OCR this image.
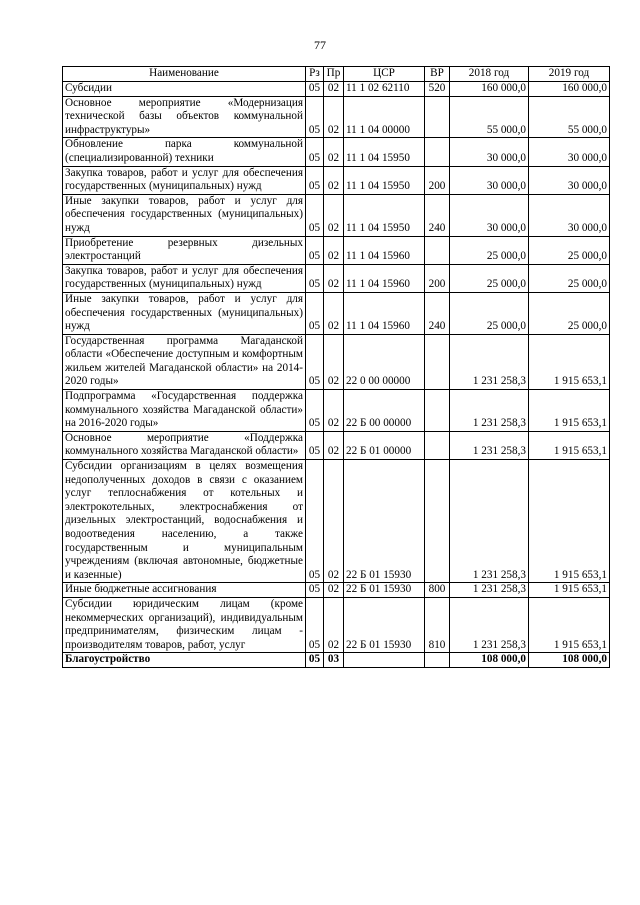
77
Наименование	Рз	Пр	ЦСР	ВР	2018 год	2019 год
Субсидии	05	02	11 1 02 62110	520	160 000,0	160 000,0
Основное мероприятие «Модернизация технической базы объектов коммунальной инфраструктуры»	05	02	11 1 04 00000		55 000,0	55 000,0
Обновление парка коммунальной (специализированной) техники	05	02	11 1 04 15950		30 000,0	30 000,0
Закупка товаров, работ и услуг для обеспечения государственных (муниципальных) нужд	05	02	11 1 04 15950	200	30 000,0	30 000,0
Иные закупки товаров, работ и услуг для обеспечения государственных (муниципальных) нужд	05	02	11 1 04 15950	240	30 000,0	30 000,0
Приобретение резервных дизельных электростанций	05	02	11 1 04 15960		25 000,0	25 000,0
Закупка товаров, работ и услуг для обеспечения государственных (муниципальных) нужд	05	02	11 1 04 15960	200	25 000,0	25 000,0
Иные закупки товаров, работ и услуг для обеспечения государственных (муниципальных) нужд	05	02	11 1 04 15960	240	25 000,0	25 000,0
Государственная программа Магаданской области «Обеспечение доступным и комфортным жильем жителей Магаданской области» на 2014-2020 годы»	05	02	22 0 00 00000		1 231 258,3	1 915 653,1
Подпрограмма «Государственная поддержка коммунального хозяйства Магаданской области» на 2016-2020 годы»	05	02	22 Б 00 00000		1 231 258,3	1 915 653,1
Основное мероприятие «Поддержка коммунального хозяйства Магаданской области»	05	02	22 Б 01 00000		1 231 258,3	1 915 653,1
Субсидии организациям в целях возмещения недополученных доходов в связи с оказанием услуг теплоснабжения от котельных и электрокотельных, электроснабжения от дизельных электростанций, водоснабжения и водоотведения населению, а также государственным и муниципальным учреждениям (включая автономные, бюджетные и казенные)	05	02	22 Б 01 15930		1 231 258,3	1 915 653,1
Иные бюджетные ассигнования	05	02	22 Б 01 15930	800	1 231 258,3	1 915 653,1
Субсидии юридическим лицам (кроме некоммерческих организаций), индивидуальным предпринимателям, физическим лицам - производителям товаров, работ, услуг	05	02	22 Б 01 15930	810	1 231 258,3	1 915 653,1
Благоустройство	05	03			108 000,0	108 000,0
